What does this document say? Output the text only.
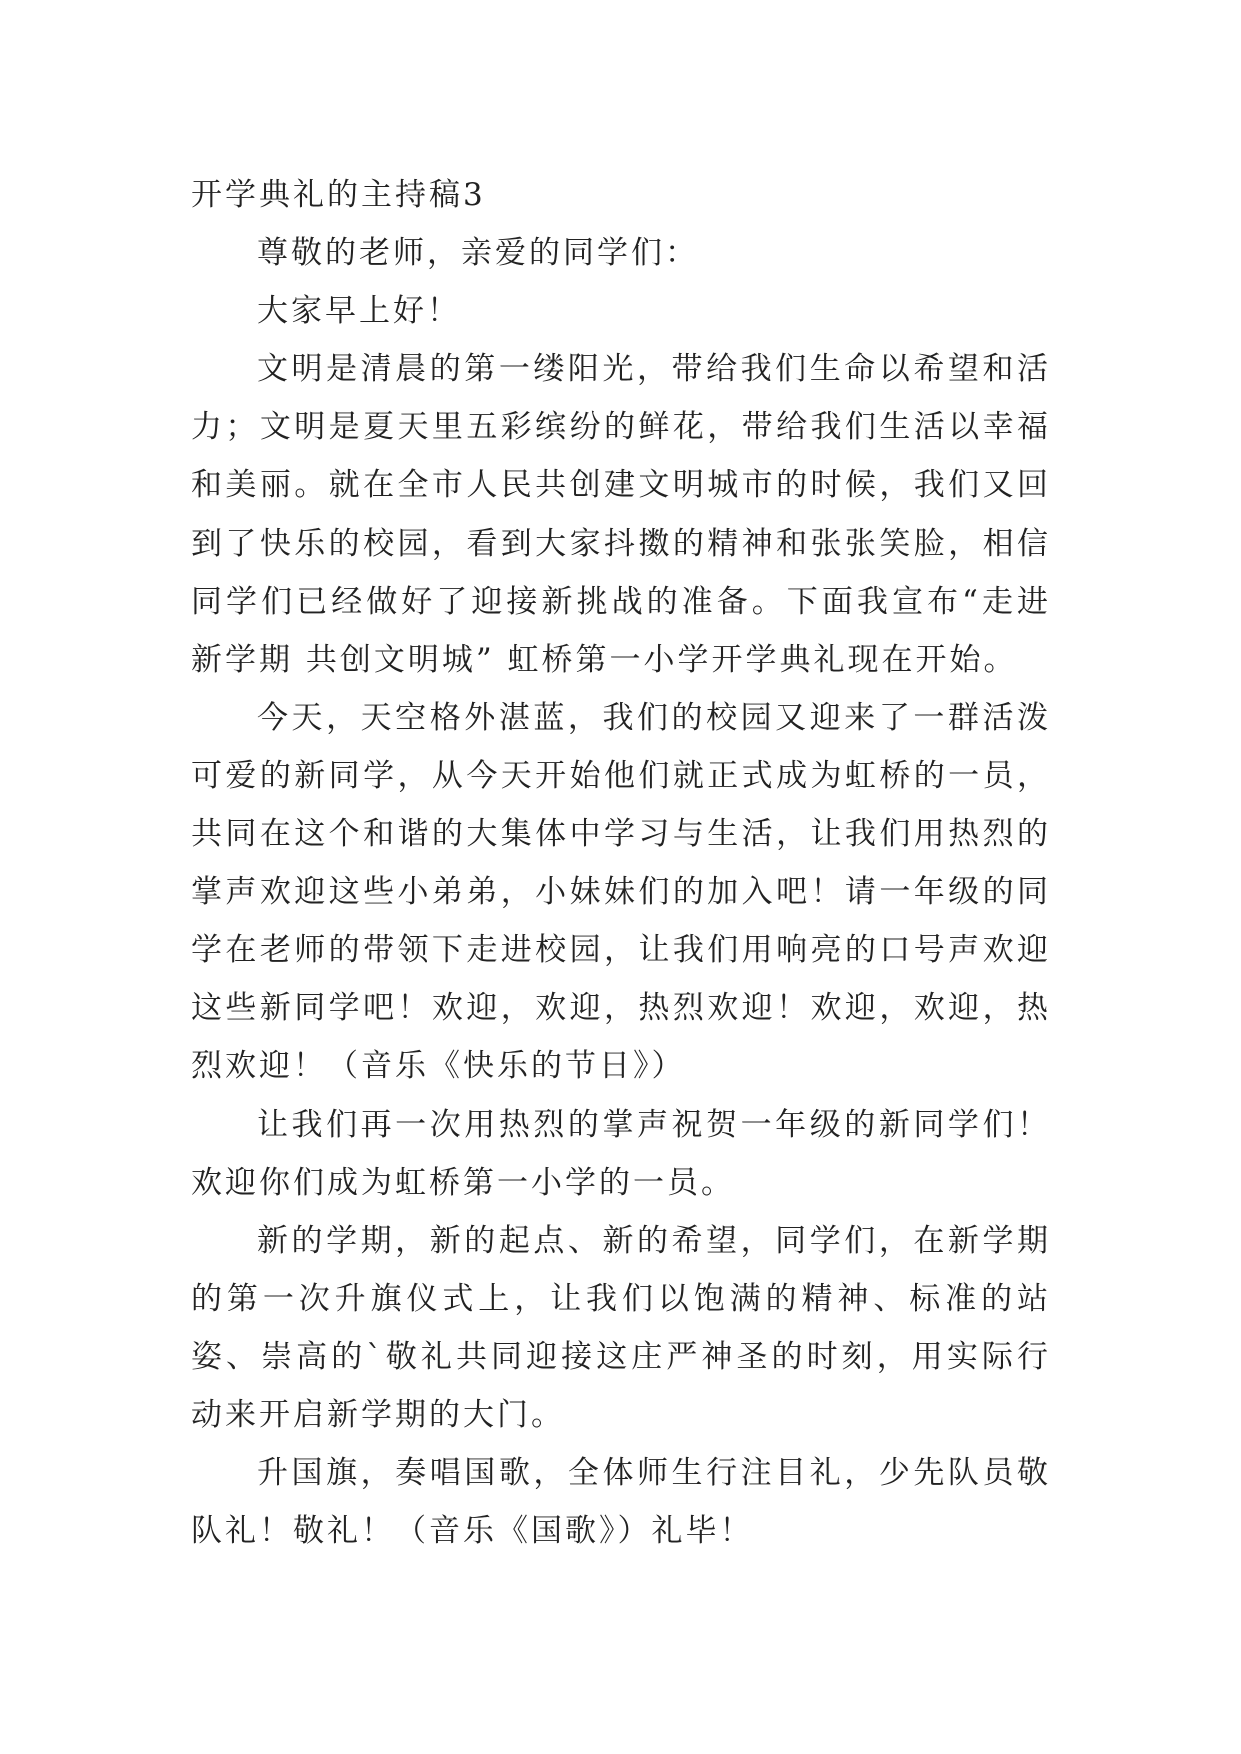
开学典礼的主持稿3

尊敬的老师，亲爱的同学们：

大家早上好！

文明是清晨的第一缕阳光，带给我们生命以希望和活力；文明是夏天里五彩缤纷的鲜花，带给我们生活以幸福和美丽。就在全市人民共创建文明城市的时候，我们又回到了快乐的校园，看到大家抖擞的精神和张张笑脸，相信同学们已经做好了迎接新挑战的准备。下面我宣布“走进新学期 共创文明城” 虹桥第一小学开学典礼现在开始。

今天，天空格外湛蓝，我们的校园又迎来了一群活泼可爱的新同学，从今天开始他们就正式成为虹桥的一员，共同在这个和谐的大集体中学习与生活，让我们用热烈的掌声欢迎这些小弟弟，小妹妹们的加入吧！请一年级的同学在老师的带领下走进校园，让我们用响亮的口号声欢迎这些新同学吧！欢迎，欢迎，热烈欢迎！欢迎，欢迎，热烈欢迎！（音乐《快乐的节日》）

让我们再一次用热烈的掌声祝贺一年级的新同学们！欢迎你们成为虹桥第一小学的一员。

新的学期，新的起点、新的希望，同学们，在新学期的第一次升旗仪式上，让我们以饱满的精神、标准的站姿、崇高的`敬礼共同迎接这庄严神圣的时刻，用实际行动来开启新学期的大门。

升国旗，奏唱国歌，全体师生行注目礼，少先队员敬队礼！敬礼！（音乐《国歌》）礼毕！
